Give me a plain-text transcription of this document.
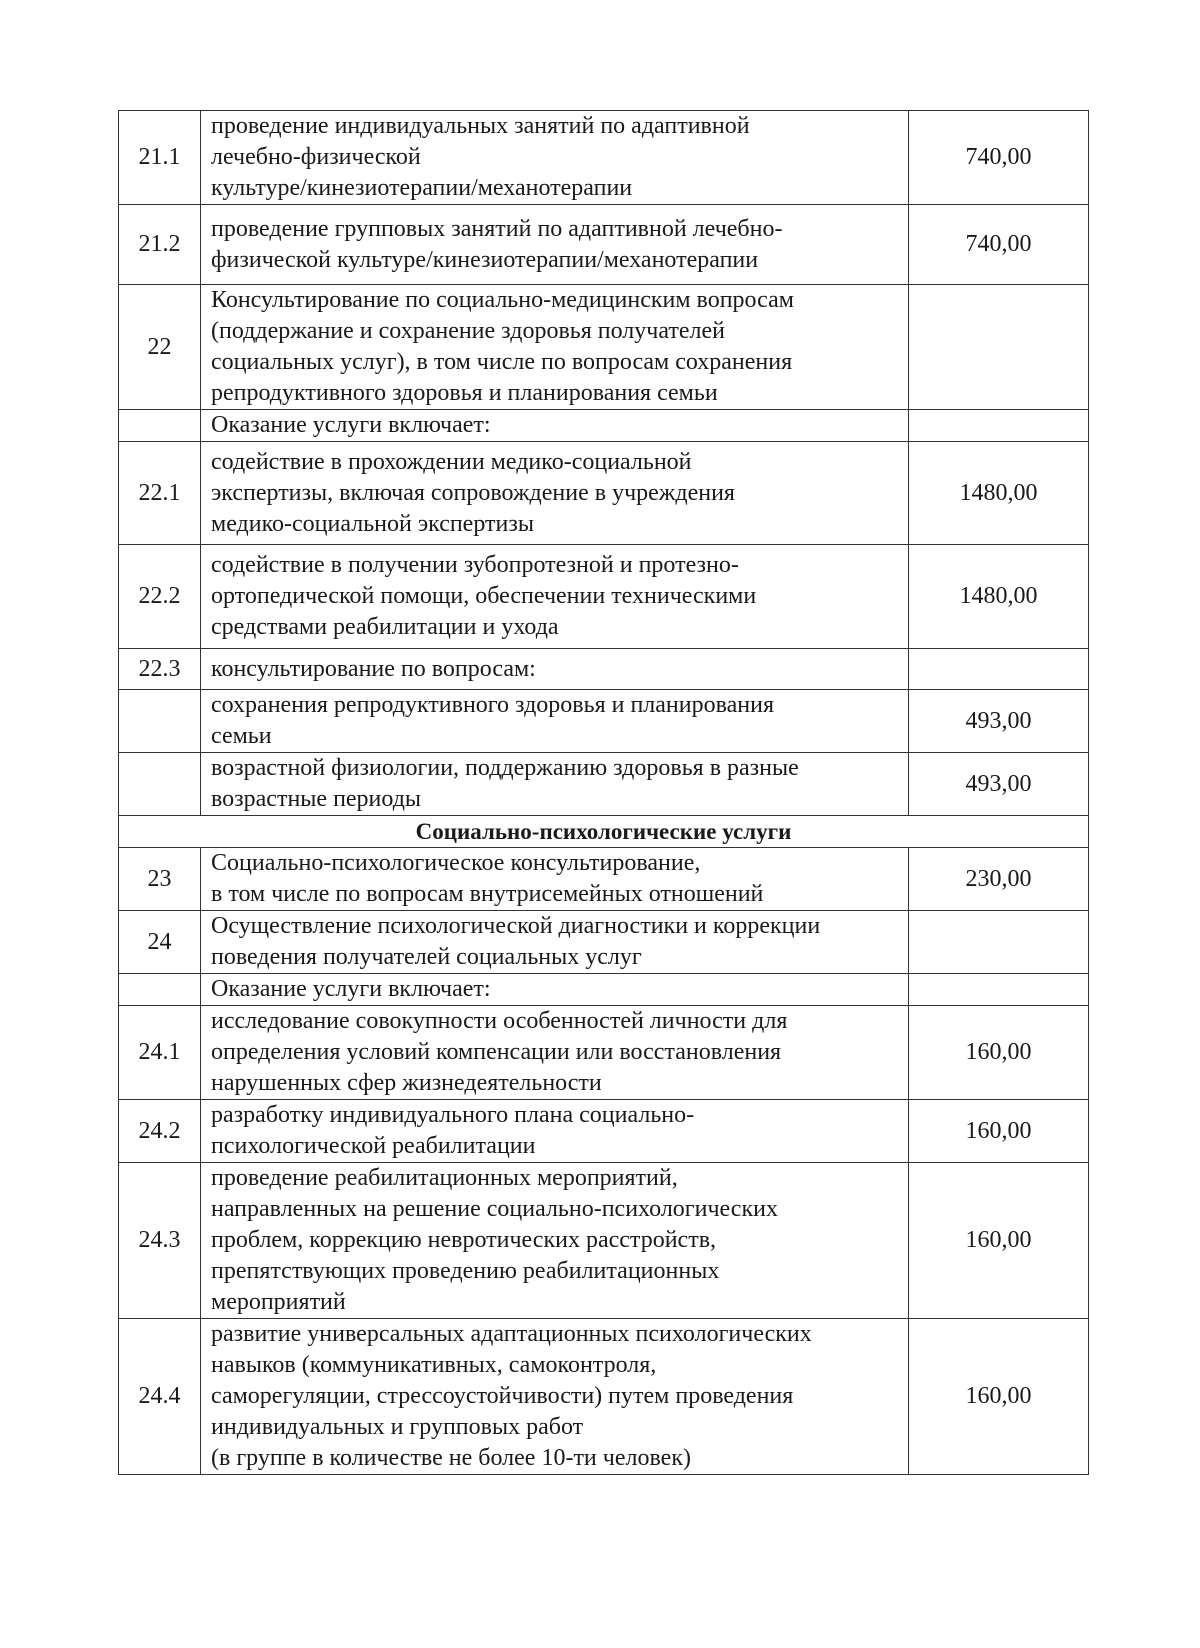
21.1	проведение индивидуальных занятий по адаптивной
лечебно-физической
культуре/кинезиотерапии/механотерапии	740,00
21.2	проведение групповых занятий по адаптивной лечебно-
физической культуре/кинезиотерапии/механотерапии	740,00
22	Консультирование по социально-медицинским вопросам
(поддержание и сохранение здоровья получателей
социальных услуг), в том числе по вопросам сохранения
репродуктивного здоровья и планирования семьи	
	Оказание услуги включает:	
22.1	содействие в прохождении медико-социальной
экспертизы, включая сопровождение в учреждения
медико-социальной экспертизы	1480,00
22.2	содействие в получении зубопротезной и протезно-
ортопедической помощи, обеспечении техническими
средствами реабилитации и ухода	1480,00
22.3	консультирование по вопросам:	
	сохранения репродуктивного здоровья и планирования
семьи	493,00
	возрастной физиологии, поддержанию здоровья в разные
возрастные периоды	493,00
Социально-психологические услуги		
23	Социально-психологическое консультирование,
в том числе по вопросам внутрисемейных отношений	230,00
24	Осуществление психологической диагностики и коррекции
поведения получателей социальных услуг	
	Оказание услуги включает:	
24.1	исследование совокупности особенностей личности для
определения условий компенсации или восстановления
нарушенных сфер жизнедеятельности	160,00
24.2	разработку индивидуального плана социально-
психологической реабилитации	160,00
24.3	проведение реабилитационных мероприятий,
направленных на решение социально-психологических
проблем, коррекцию невротических расстройств,
препятствующих проведению реабилитационных
мероприятий	160,00
24.4	развитие универсальных адаптационных психологических
навыков (коммуникативных, самоконтроля,
саморегуляции, стрессоустойчивости) путем проведения
индивидуальных и групповых работ
(в группе в количестве не более 10-ти человек)	160,00
